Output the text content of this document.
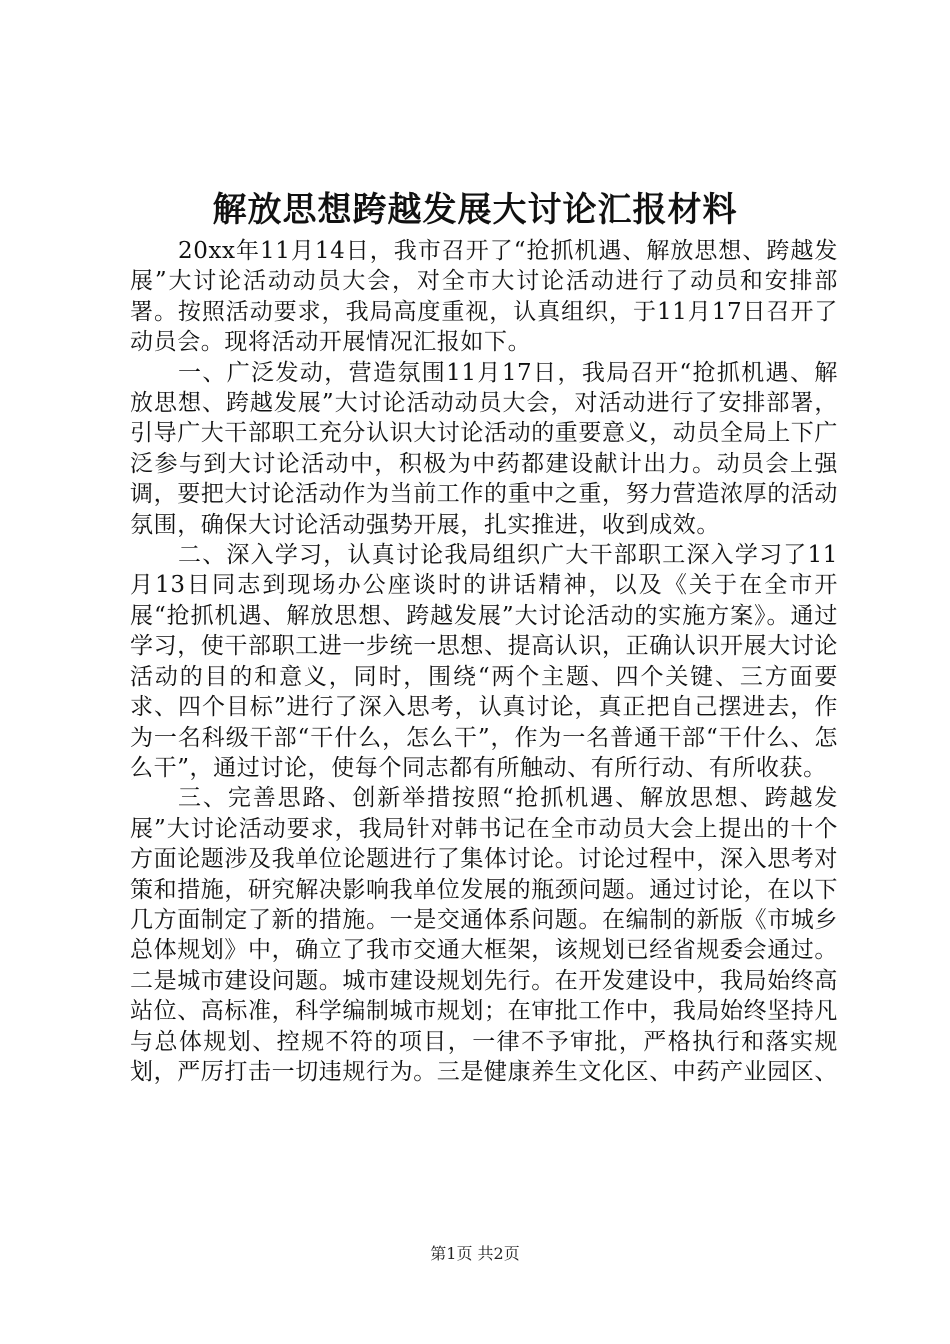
解放思想跨越发展大讨论汇报材料

20xx年11月14日，我市召开了“抢抓机遇、解放思想、跨越发展”大讨论活动动员大会，对全市大讨论活动进行了动员和安排部署。按照活动要求，我局高度重视，认真组织，于11月17日召开了动员会。现将活动开展情况汇报如下。

一、广泛发动，营造氛围11月17日，我局召开“抢抓机遇、解放思想、跨越发展”大讨论活动动员大会，对活动进行了安排部署，引导广大干部职工充分认识大讨论活动的重要意义，动员全局上下广泛参与到大讨论活动中，积极为中药都建设献计出力。动员会上强调，要把大讨论活动作为当前工作的重中之重，努力营造浓厚的活动氛围，确保大讨论活动强势开展，扎实推进，收到成效。

二、深入学习，认真讨论我局组织广大干部职工深入学习了11月13日同志到现场办公座谈时的讲话精神，以及《关于在全市开展“抢抓机遇、解放思想、跨越发展”大讨论活动的实施方案》。通过学习，使干部职工进一步统一思想、提高认识，正确认识开展大讨论活动的目的和意义，同时，围绕“两个主题、四个关键、三方面要求、四个目标”进行了深入思考，认真讨论，真正把自己摆进去，作为一名科级干部“干什么，怎么干”，作为一名普通干部“干什么、怎么干”，通过讨论，使每个同志都有所触动、有所行动、有所收获。

三、完善思路、创新举措按照“抢抓机遇、解放思想、跨越发展”大讨论活动要求，我局针对韩书记在全市动员大会上提出的十个方面论题涉及我单位论题进行了集体讨论。讨论过程中，深入思考对策和措施，研究解决影响我单位发展的瓶颈问题。通过讨论，在以下几方面制定了新的措施。一是交通体系问题。在编制的新版《市城乡总体规划》中，确立了我市交通大框架，该规划已经省规委会通过。二是城市建设问题。城市建设规划先行。在开发建设中，我局始终高站位、高标准，科学编制城市规划；在审批工作中，我局始终坚持凡与总体规划、控规不符的项目，一律不予审批，严格执行和落实规划，严厉打击一切违规行为。三是健康养生文化区、中药产业园区、

第1页 共2页
